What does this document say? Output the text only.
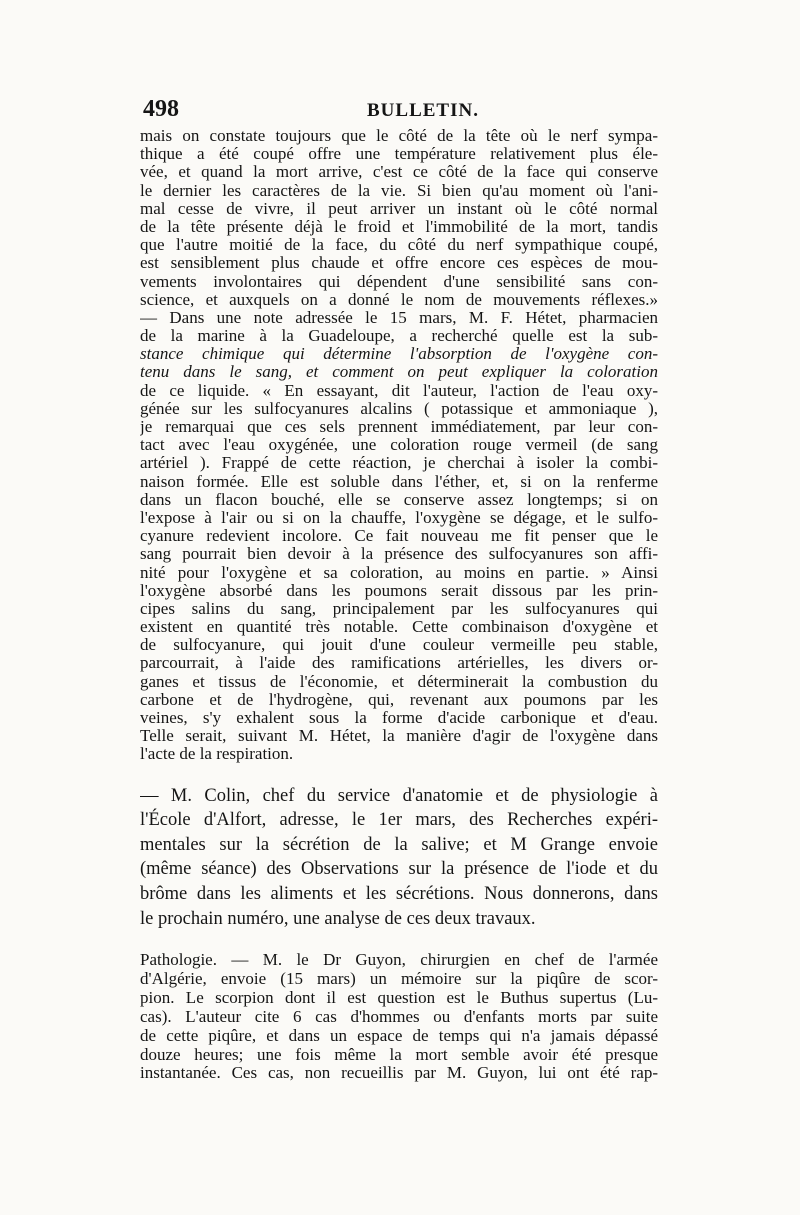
498	BULLETIN.
mais on constate toujours que le côté de la tête où le nerf sympa-
thique a été coupé offre une température relativement plus éle-
vée, et quand la mort arrive, c'est ce côté de la face qui conserve
le dernier les caractères de la vie. Si bien qu'au moment où l'ani-
mal cesse de vivre, il peut arriver un instant où le côté normal
de la tête présente déjà le froid et l'immobilité de la mort, tandis
que l'autre moitié de la face, du côté du nerf sympathique coupé,
est sensiblement plus chaude et offre encore ces espèces de mou-
vements involontaires qui dépendent d'une sensibilité sans con-
science, et auxquels on a donné le nom de mouvements réflexes.»
— Dans une note adressée le 15 mars, M. F. Hétet, pharmacien
de la marine à la Guadeloupe, a recherché quelle est la sub-
stance chimique qui détermine l'absorption de l'oxygène con-
tenu dans le sang, et comment on peut expliquer la coloration
de ce liquide. « En essayant, dit l'auteur, l'action de l'eau oxy-
génée sur les sulfocyanures alcalins ( potassique et ammoniaque ),
je remarquai que ces sels prennent immédiatement, par leur con-
tact avec l'eau oxygénée, une coloration rouge vermeil (de sang
artériel ). Frappé de cette réaction, je cherchai à isoler la combi-
naison formée. Elle est soluble dans l'éther, et, si on la renferme
dans un flacon bouché, elle se conserve assez longtemps; si on
l'expose à l'air ou si on la chauffe, l'oxygène se dégage, et le sulfo-
cyanure redevient incolore. Ce fait nouveau me fit penser que le
sang pourrait bien devoir à la présence des sulfocyanures son affi-
nité pour l'oxygène et sa coloration, au moins en partie. » Ainsi
l'oxygène absorbé dans les poumons serait dissous par les prin-
cipes salins du sang, principalement par les sulfocyanures qui
existent en quantité très notable. Cette combinaison d'oxygène et
de sulfocyanure, qui jouit d'une couleur vermeille peu stable,
parcourrait, à l'aide des ramifications artérielles, les divers or-
ganes et tissus de l'économie, et déterminerait la combustion du
carbone et de l'hydrogène, qui, revenant aux poumons par les
veines, s'y exhalent sous la forme d'acide carbonique et d'eau.
Telle serait, suivant M. Hétet, la manière d'agir de l'oxygène dans
l'acte de la respiration.
— M. Colin, chef du service d'anatomie et de physiologie à
l'École d'Alfort, adresse, le 1er mars, des Recherches expéri-
mentales sur la sécrétion de la salive; et M Grange envoie
(même séance) des Observations sur la présence de l'iode et du
brôme dans les aliments et les sécrétions. Nous donnerons, dans
le prochain numéro, une analyse de ces deux travaux.
Pathologie. — M. le Dr Guyon, chirurgien en chef de l'armée
d'Algérie, envoie (15 mars) un mémoire sur la piqûre de scor-
pion. Le scorpion dont il est question est le Buthus supertus (Lu-
cas). L'auteur cite 6 cas d'hommes ou d'enfants morts par suite
de cette piqûre, et dans un espace de temps qui n'a jamais dépassé
douze heures; une fois même la mort semble avoir été presque
instantanée. Ces cas, non recueillis par M. Guyon, lui ont été rap-
